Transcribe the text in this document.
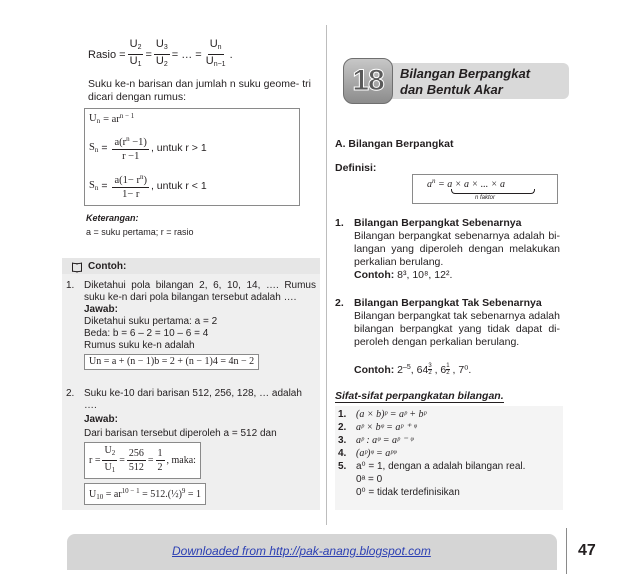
Rasio = $\frac{U_2}{U_1} = \frac{U_3}{U_2}$ = … = $\frac{U_n}{U_{n-1}}$ .
Suku ke-n barisan dan jumlah n suku geome- tri dicari dengan rumus:
$U_n = ar^{n - 1}$
$S_n = \frac{a(r^n -1)}{r -1}$ , untuk r > 1
$S_n = \frac{a(1- r^n)}{1- r}$ , untuk r < 1
Keterangan:
a = suku pertama; r = rasio
Contoh:
1. Diketahui pola bilangan 2, 6, 10, 14, …. Rumus suku ke-n dari pola bilangan tersebut adalah ….
Jawab:
Diketahui suku pertama: a = 2
Beda: b = 6 – 2 = 10 – 6 = 4
Rumus suku ke-n adalah
Un = a + (n − 1)b = 2 + (n − 1)4 = 4n − 2
2. Suku ke-10 dari barisan 512, 256, 128, … adalah ….
Jawab:
Dari barisan tersebut diperoleh a = 512 dan
$r = \frac{U_2}{U_1} = \frac{256}{512} = \frac{1}{2}$ , maka:
$U_{10} = ar^{10 - 1}$ = 512.(½)$^9$ = 1
18 Bilangan Berpangkat
dan Bentuk Akar
A. Bilangan Berpangkat
Definisi:
$a^n = a \times a$ × ... × a
n faktor
1. Bilangan Berpangkat Sebenarnya
Bilangan berpangkat sebenarnya adalah bi- langan yang diperoleh dengan melakukan perkalian berulang.
Contoh: 8³, 10⁸, 12².
2. Bilangan Berpangkat Tak Sebenarnya
Bilangan berpangkat tak sebenarnya adalah bilangan berpangkat yang tidak dapat di- peroleh dengan perkalian berulang.
Contoh: $2^{-5}$, $64 \frac{3}{2}$ , $6 \frac{1}{2}$ , 7⁰.
Sifat-sifat perpangkatan bilangan.
1. (a × b)ᵖ = aᵖ + bᵖ
2. aᵖ × bᵠ = aᵖ ⁺ ᵠ
3. aᵖ : aᵠ = aᵖ ⁻ ᵠ
4. (aᵖ)ᵠ = aᵖᵠ
5. a⁰ = 1, dengan a adalah bilangan real.
0ᵃ = 0
0⁰ = tidak terdefinisikan
Downloaded from http://pak-anang.blogspot.com	47
